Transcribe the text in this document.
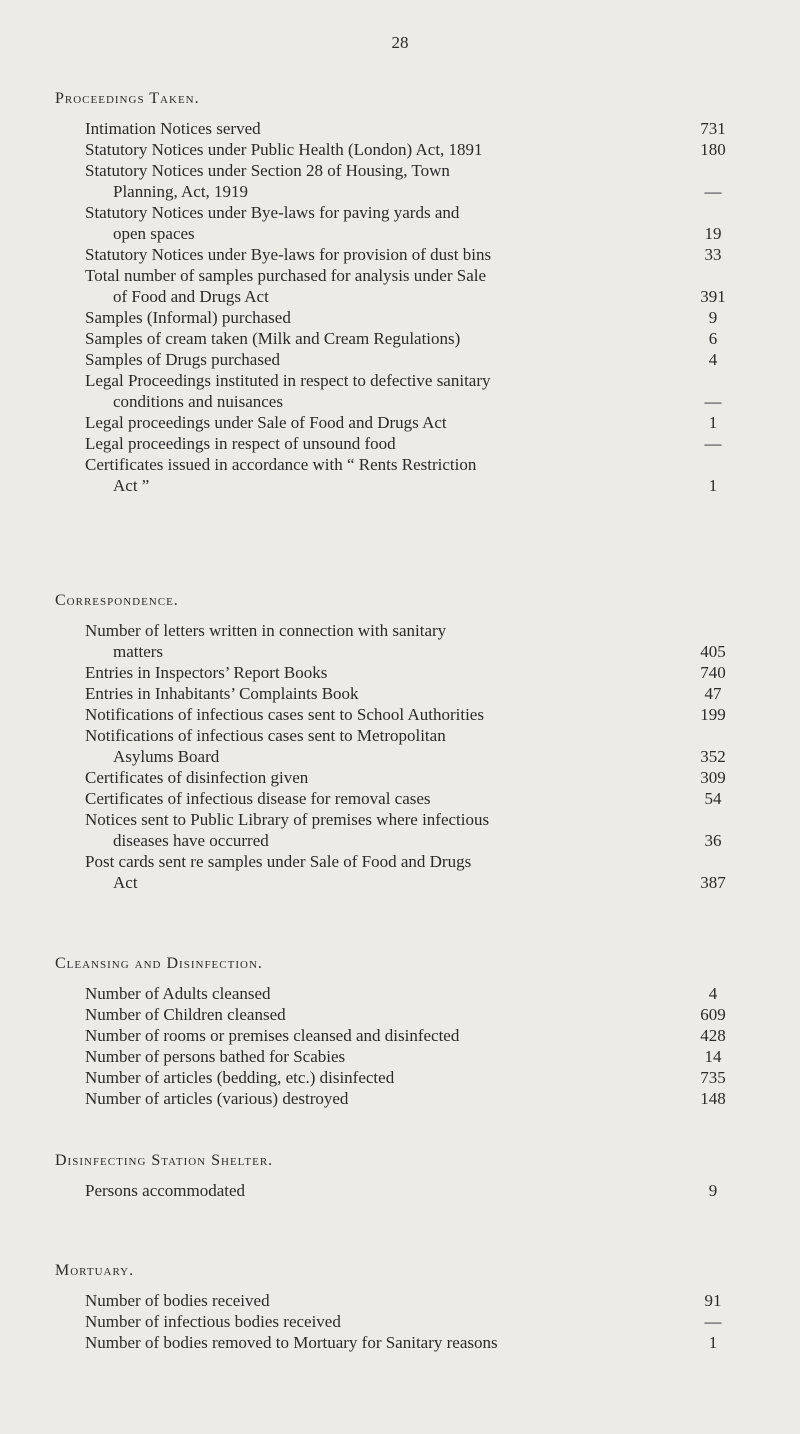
28
Proceedings Taken.
Intimation Notices served	731
Statutory Notices under Public Health (London) Act, 1891	180
Statutory Notices under Section 28 of Housing, Town
Planning, Act, 1919	—
Statutory Notices under Bye-laws for paving yards and
open spaces	19
Statutory Notices under Bye-laws for provision of dust bins	33
Total number of samples purchased for analysis under Sale
of Food and Drugs Act	391
Samples (Informal) purchased	9
Samples of cream taken (Milk and Cream Regulations)	6
Samples of Drugs purchased	4
Legal Proceedings instituted in respect to defective sanitary
conditions and nuisances	—
Legal proceedings under Sale of Food and Drugs Act	1
Legal proceedings in respect of unsound food	—
Certificates issued in accordance with “ Rents Restriction
Act ”	1
Correspondence.
Number of letters written in connection with sanitary
matters	405
Entries in Inspectors’ Report Books	740
Entries in Inhabitants’ Complaints Book	47
Notifications of infectious cases sent to School Authorities	199
Notifications of infectious cases sent to Metropolitan
Asylums Board	352
Certificates of disinfection given	309
Certificates of infectious disease for removal cases	54
Notices sent to Public Library of premises where infectious
diseases have occurred	36
Post cards sent re samples under Sale of Food and Drugs
Act	387
Cleansing and Disinfection.
Number of Adults cleansed	4
Number of Children cleansed	609
Number of rooms or premises cleansed and disinfected	428
Number of persons bathed for Scabies	14
Number of articles (bedding, etc.) disinfected	735
Number of articles (various) destroyed	148
Disinfecting Station Shelter.
Persons accommodated	9
Mortuary.
Number of bodies received	91
Number of infectious bodies received	—
Number of bodies removed to Mortuary for Sanitary reasons	1
